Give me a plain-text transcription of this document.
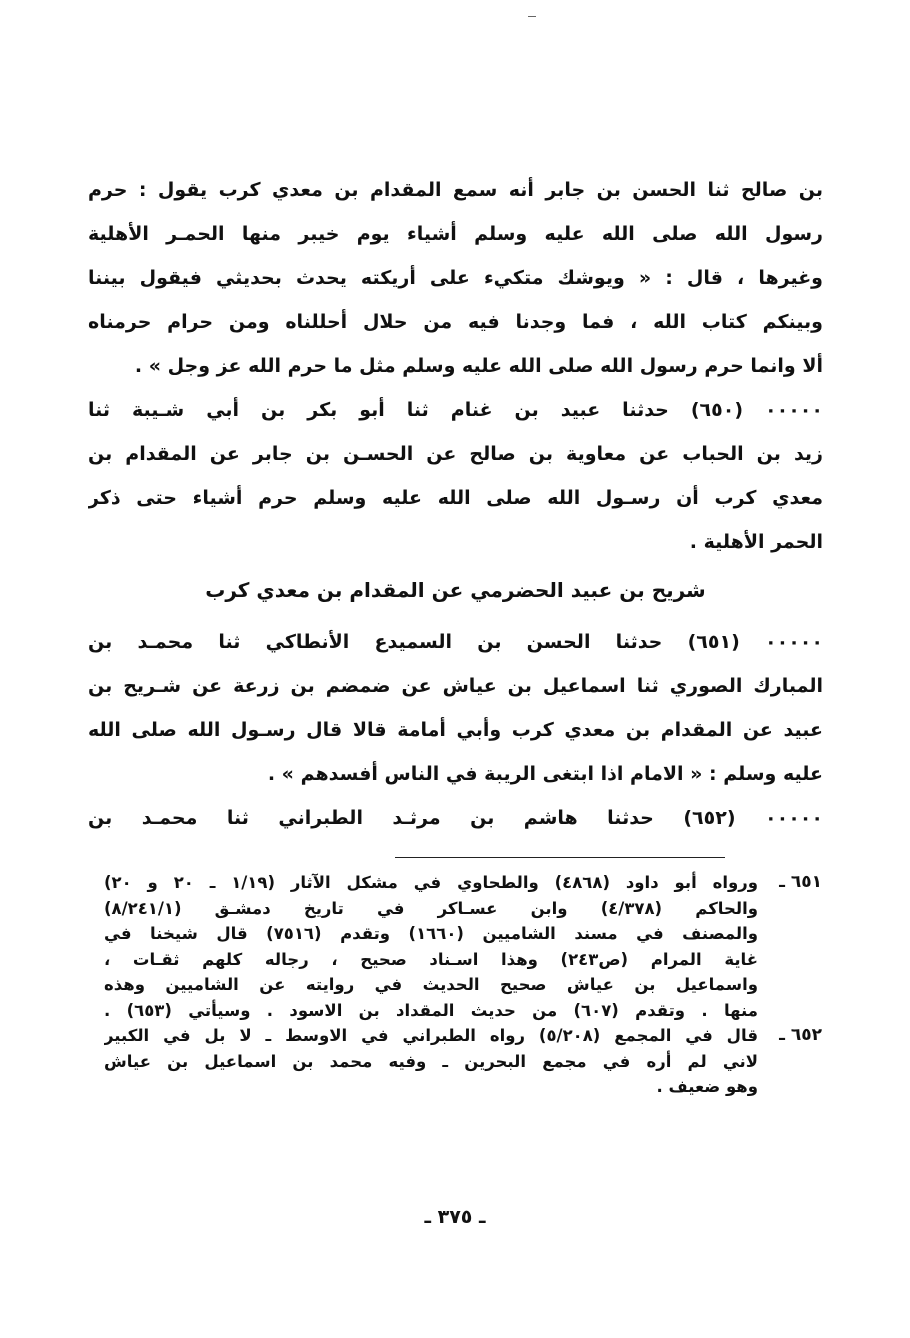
بن صالح ثنا الحسن بن جابر أنه سمع المقدام بن معدي كرب يقول : حرم
رسول الله صلى الله عليه وسلم أشياء يوم خيبر منها الحمـر الأهلية
وغيرها ، قال : « ويوشك متكيء على أريكته يحدث بحديثي فيقول بيننا
وبينكم كتاب الله ، فما وجدنا فيه من حلال أحللناه ومن حرام حرمناه
ألا وانما حرم رسول الله صلى الله عليه وسلم مثل ما حرم الله عز وجل » .
٠٠٠٠٠ (٦٥٠) حدثنا عبيد بن غنام ثنا أبو بكر بن أبي شـيبة ثنا
زيد بن الحباب عن معاوية بن صالح عن الحسـن بن جابر عن المقدام بن
معدي كرب أن رسـول الله صلى الله عليه وسلم حرم أشياء حتى ذكر
الحمر الأهلية .
شريح بن عبيد الحضرمي عن المقدام بن معدي كرب
٠٠٠٠٠ (٦٥١) حدثنا الحسن بن السميدع الأنطاكي ثنا محمـد بن
المبارك الصوري ثنا اسماعيل بن عياش عن ضمضم بن زرعة عن شـريح بن
عبيد عن المقدام بن معدي كرب وأبي أمامة قالا قال رسـول الله صلى الله
عليه وسلم : « الامام اذا ابتغى الريبة في الناس أفسدهم » .
٠٠٠٠٠ (٦٥٢) حدثنا هاشم بن مرثـد الطبراني ثنا محمـد بن
٦٥١ ـ
ورواه أبو داود (٤٨٦٨) والطحاوي في مشكل الآثار (١/١٩ ـ ٢٠ و ٢٠)
والحاكم (٤/٣٧٨) وابن عسـاكر في تاريخ دمشـق (٨/٢٤١/١)
والمصنف في مسند الشاميين (١٦٦٠) وتقدم (٧٥١٦) قال شيخنا في
غاية المرام (ص٢٤٣) وهذا اسـناد صحيح ، رجاله كلهم ثقـات ،
واسماعيل بن عياش صحيح الحديث في روايته عن الشاميين وهذه
منها . وتقدم (٦٠٧) من حديث المقداد بن الاسود . وسيأتي (٦٥٣) .
٦٥٢ ـ
قال في المجمع (٥/٢٠٨) رواه الطبراني في الاوسط ـ لا بل في الكبير
لاني لم أره في مجمع البحرين ـ وفيه محمد بن اسماعيل بن عياش
وهو ضعيف .
ـ ٣٧٥ ـ
